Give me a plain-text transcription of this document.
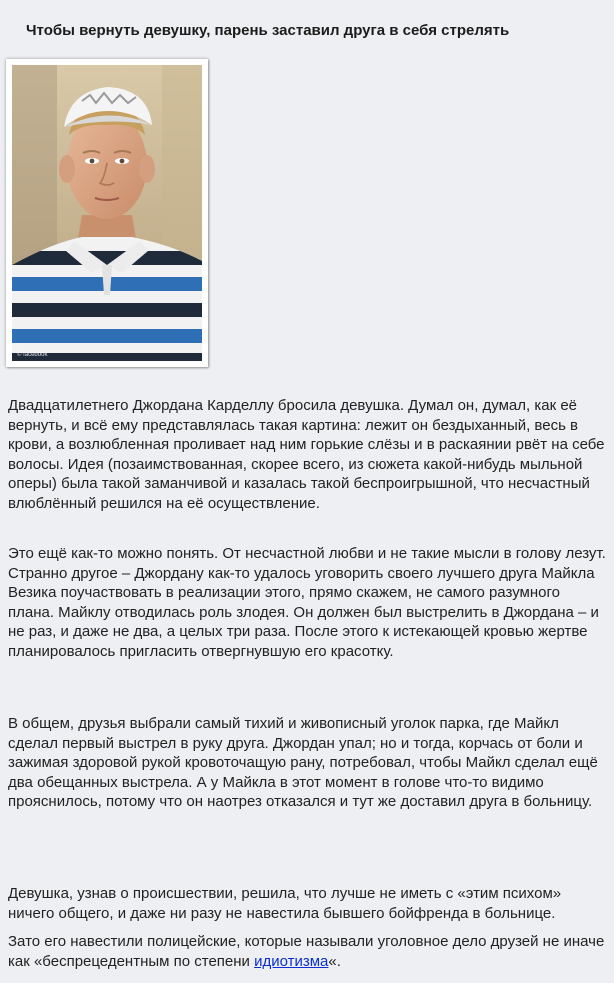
Чтобы вернуть девушку, парень заставил друга в себя стрелять
© facebook

Двадцатилетнего Джордана Карделлу бросила девушка. Думал он, думал, как её вернуть, и всё ему представлялась такая картина: лежит он бездыханный, весь в крови, а возлюбленная проливает над ним горькие слёзы и в раскаянии рвёт на себе волосы. Идея (позаимствованная, скорее всего, из сюжета какой-нибудь мыльной оперы) была такой заманчивой и казалась такой беспроигрышной, что несчастный влюблённый решился на её осуществление.

Это ещё как-то можно понять. От несчастной любви и не такие мысли в голову лезут. Странно другое – Джордану как-то удалось уговорить своего лучшего друга Майкла Везика поучаствовать в реализации этого, прямо скажем, не самого разумного плана. Майклу отводилась роль злодея. Он должен был выстрелить в Джордана – и не раз, и даже не два, а целых три раза. После этого к истекающей кровью жертве планировалось пригласить отвергнувшую его красотку.

В общем, друзья выбрали самый тихий и живописный уголок парка, где Майкл сделал первый выстрел в руку друга. Джордан упал; но и тогда, корчась от боли и зажимая здоровой рукой кровоточащую рану, потребовал, чтобы Майкл сделал ещё два обещанных выстрела. А у Майкла в этот момент в голове что-то видимо прояснилось, потому что он наотрез отказался и тут же доставил друга в больницу.

Девушка, узнав о происшествии, решила, что лучше не иметь с «этим психом» ничего общего, и даже ни разу не навестила бывшего бойфренда в больнице.

Зато его навестили полицейские, которые называли уголовное дело друзей не иначе как «беспрецедентным по степени идиотизма«.
